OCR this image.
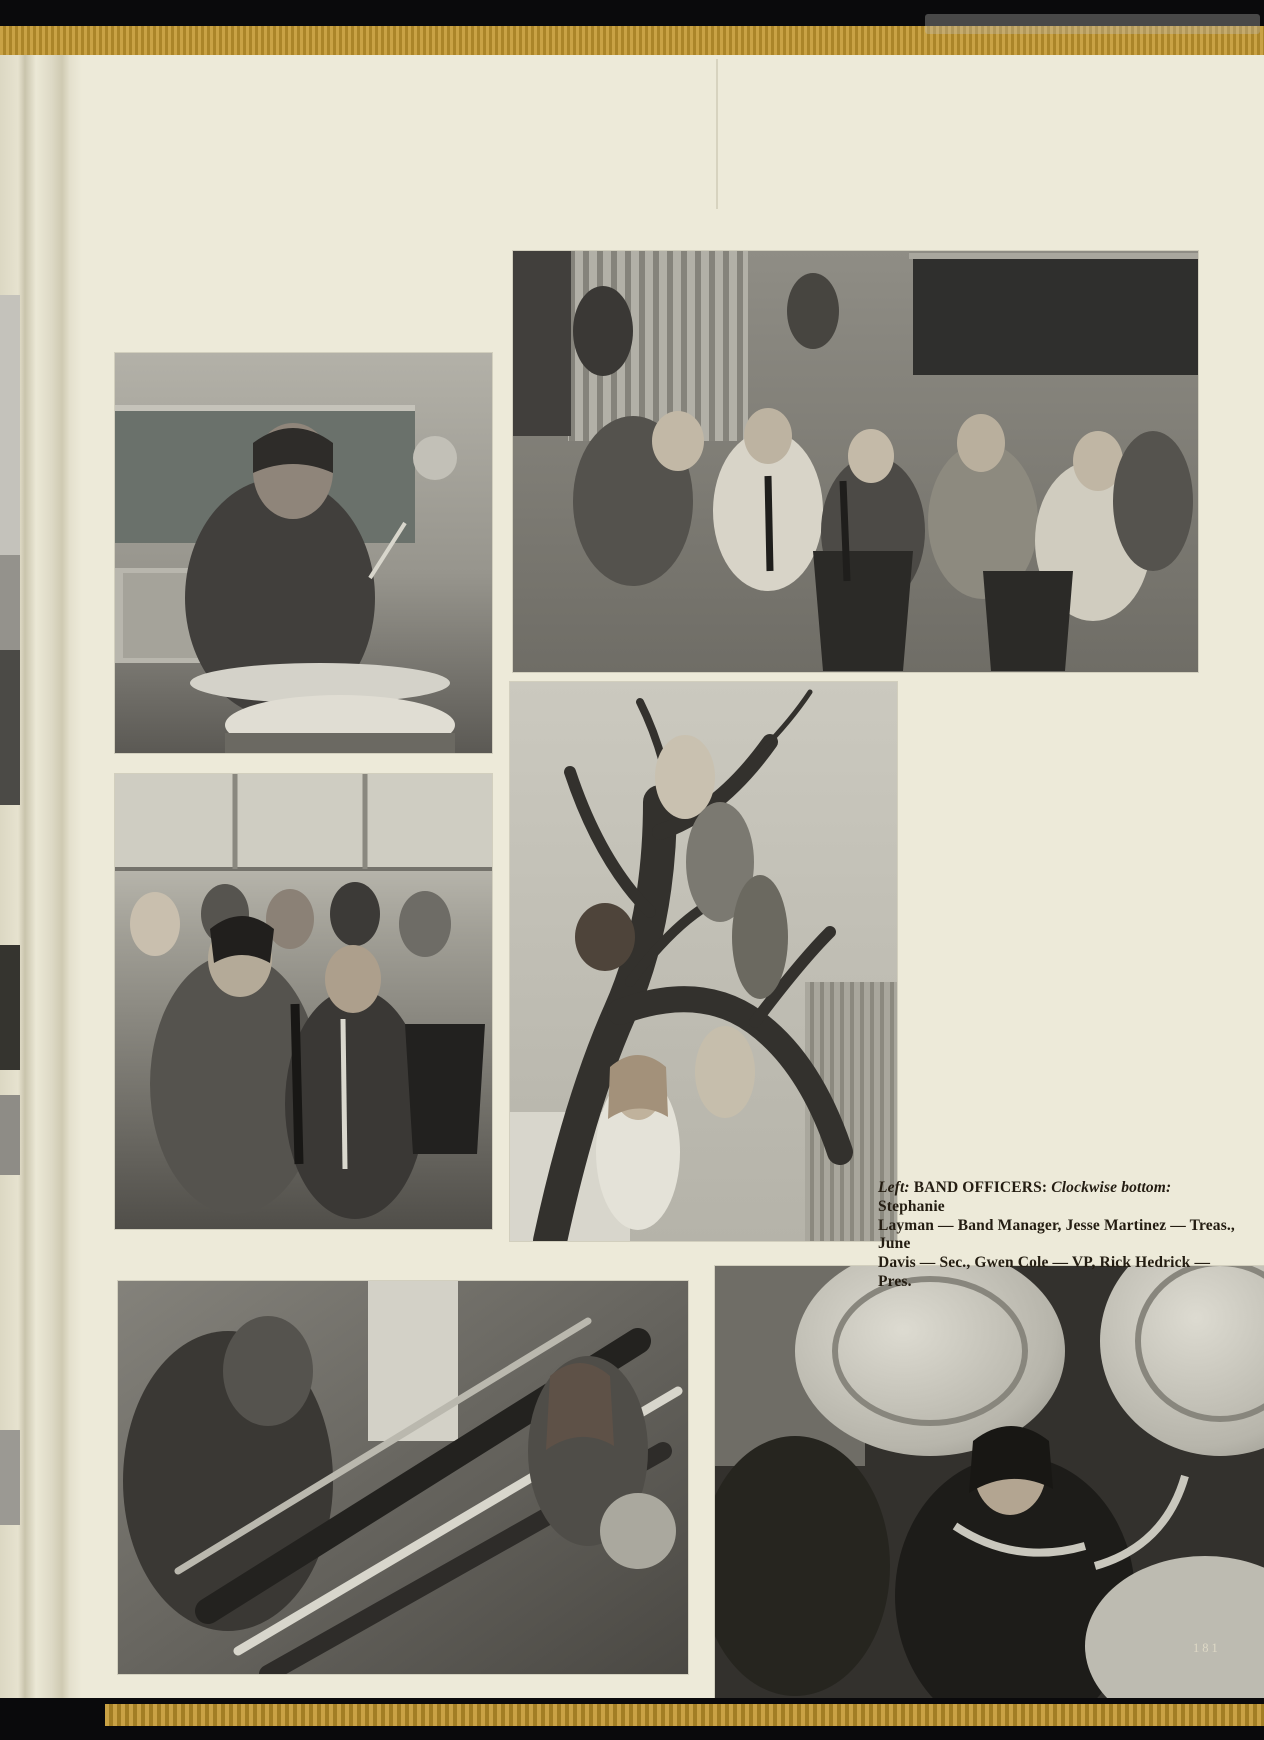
Left: BAND OFFICERS: Clockwise bottom: Stephanie
Layman — Band Manager, Jesse Martinez — Treas., June
Davis — Sec., Gwen Cole — VP, Rick Hedrick — Pres.
181
